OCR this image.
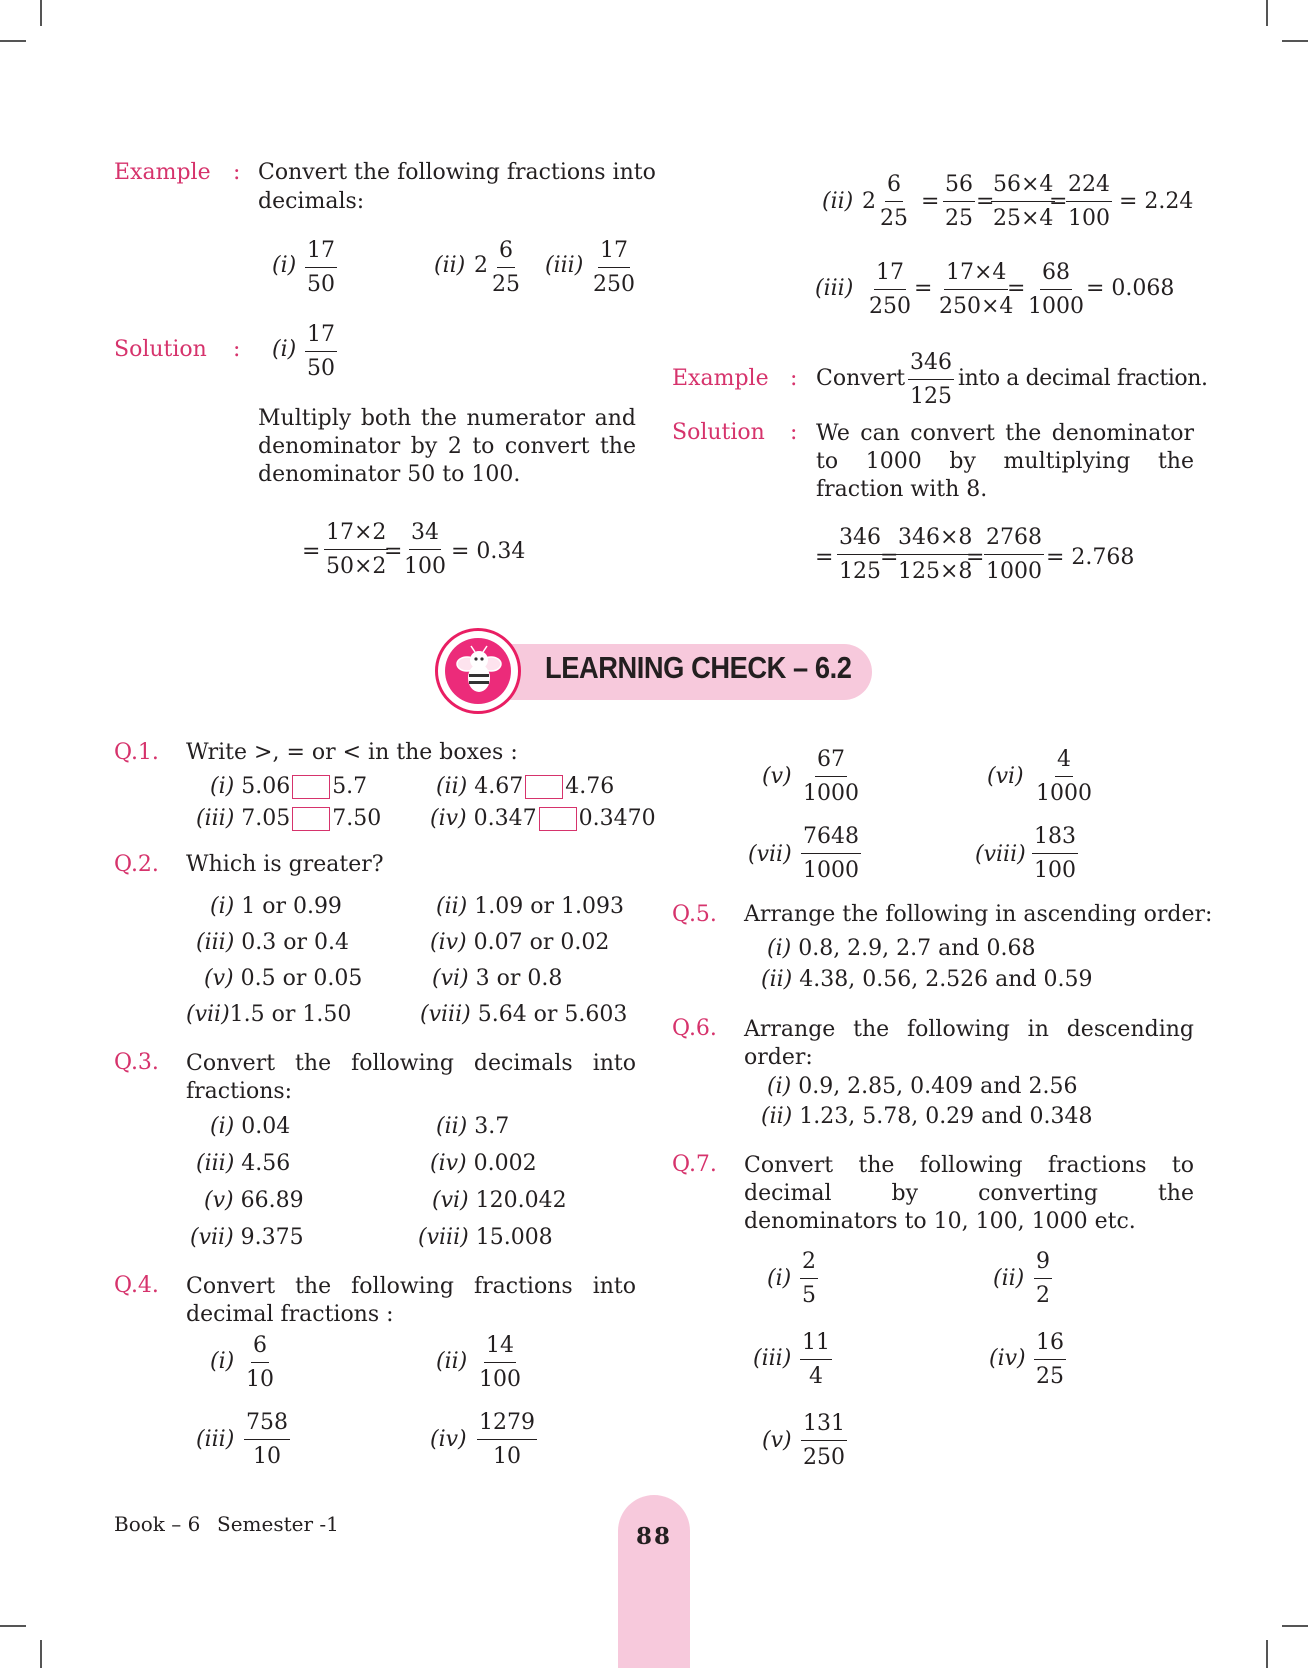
Example : Convert the following fractions into
decimals:
$(i) \frac{17}{50}$	(ii) $2 \frac{6}{25} (iii) \frac{17}{250}$
Solution : $(i) \frac{17}{50}$
Multiply both the numerator and denominator by 2 to convert the denominator 50 to 100.
= $\frac{17\times 2}{50\times 2}$
= $\frac{34}{100} = 0.34$
(ii) $2 \frac{6}{25} = \frac{56}{25}$ =
$\frac{56\times 4}{25\times 4}$
=
$\frac{224}{100} = 2.24$
$(iii) \frac{17}{250} = \frac{17\times 4}{250\times 4}$
= $\frac{68}{1000} = 0.068$
Example : Convert $\frac{346}{125}$ into a decimal fraction.
Solution : We can convert the denominator to 1000 by multiplying the fraction with 8.
= $\frac{346}{125}$
=
$\frac{346\times 8}{125\times 8}$
= $\frac{2768}{1000} = 2.768$
LEARNING CHECK – 6.2
Q.1. Write >, = or < in the boxes :
(i) 5.06 5.7	(ii) 4.67 4.76
(iii) 7.05 7.50 (iv) 0.347 0.3470
Q.2. Which is greater?
(i) 1 or 0.99	(ii) 1.09 or 1.093
(iii) 0.3 or 0.4	(iv) 0.07 or 0.02
(v) 0.5 or 0.05	(vi) 3 or 0.8
(vii)1.5 or 1.50	(viii) 5.64 or 5.603
Q.3. Convert the following decimals into fractions:
(i) 0.04	(ii) 3.7
(iii) 4.56	(iv) 0.002
(v) 66.89	(vi) 120.042
(vii) 9.375	(viii) 15.008
Q.4. Convert the following fractions into decimal fractions :
$(i) \frac{6}{10}$	$(ii) \frac{14}{100}$
$(iii) \frac{758}{10}$	$(iv) \frac{1279}{10}$
$(v) \frac{67}{1000}$	$(vi) \frac{4}{1000}$
$(vii) \frac{7648}{1000}$	(viii) $\frac{183}{100}$
Q.5. Arrange the following in ascending order:
(i) 0.8, 2.9, 2.7 and 0.68
(ii) 4.38, 0.56, 2.526 and 0.59
Q.6. Arrange the following in descending order:
(i) 0.9, 2.85, 0.409 and 2.56
(ii) 1.23, 5.78, 0.29 and 0.348
Q.7. Convert the following fractions to decimal by converting the denominators to 10, 100, 1000 etc.
$(i) \frac{2}{5}$	$(ii) \frac{9}{2}$
$(iii) \frac{11}{4}$	$(iv) \frac{16}{25}$
$(v) \frac{131}{250}$
Book – 6 Semester -1	88
